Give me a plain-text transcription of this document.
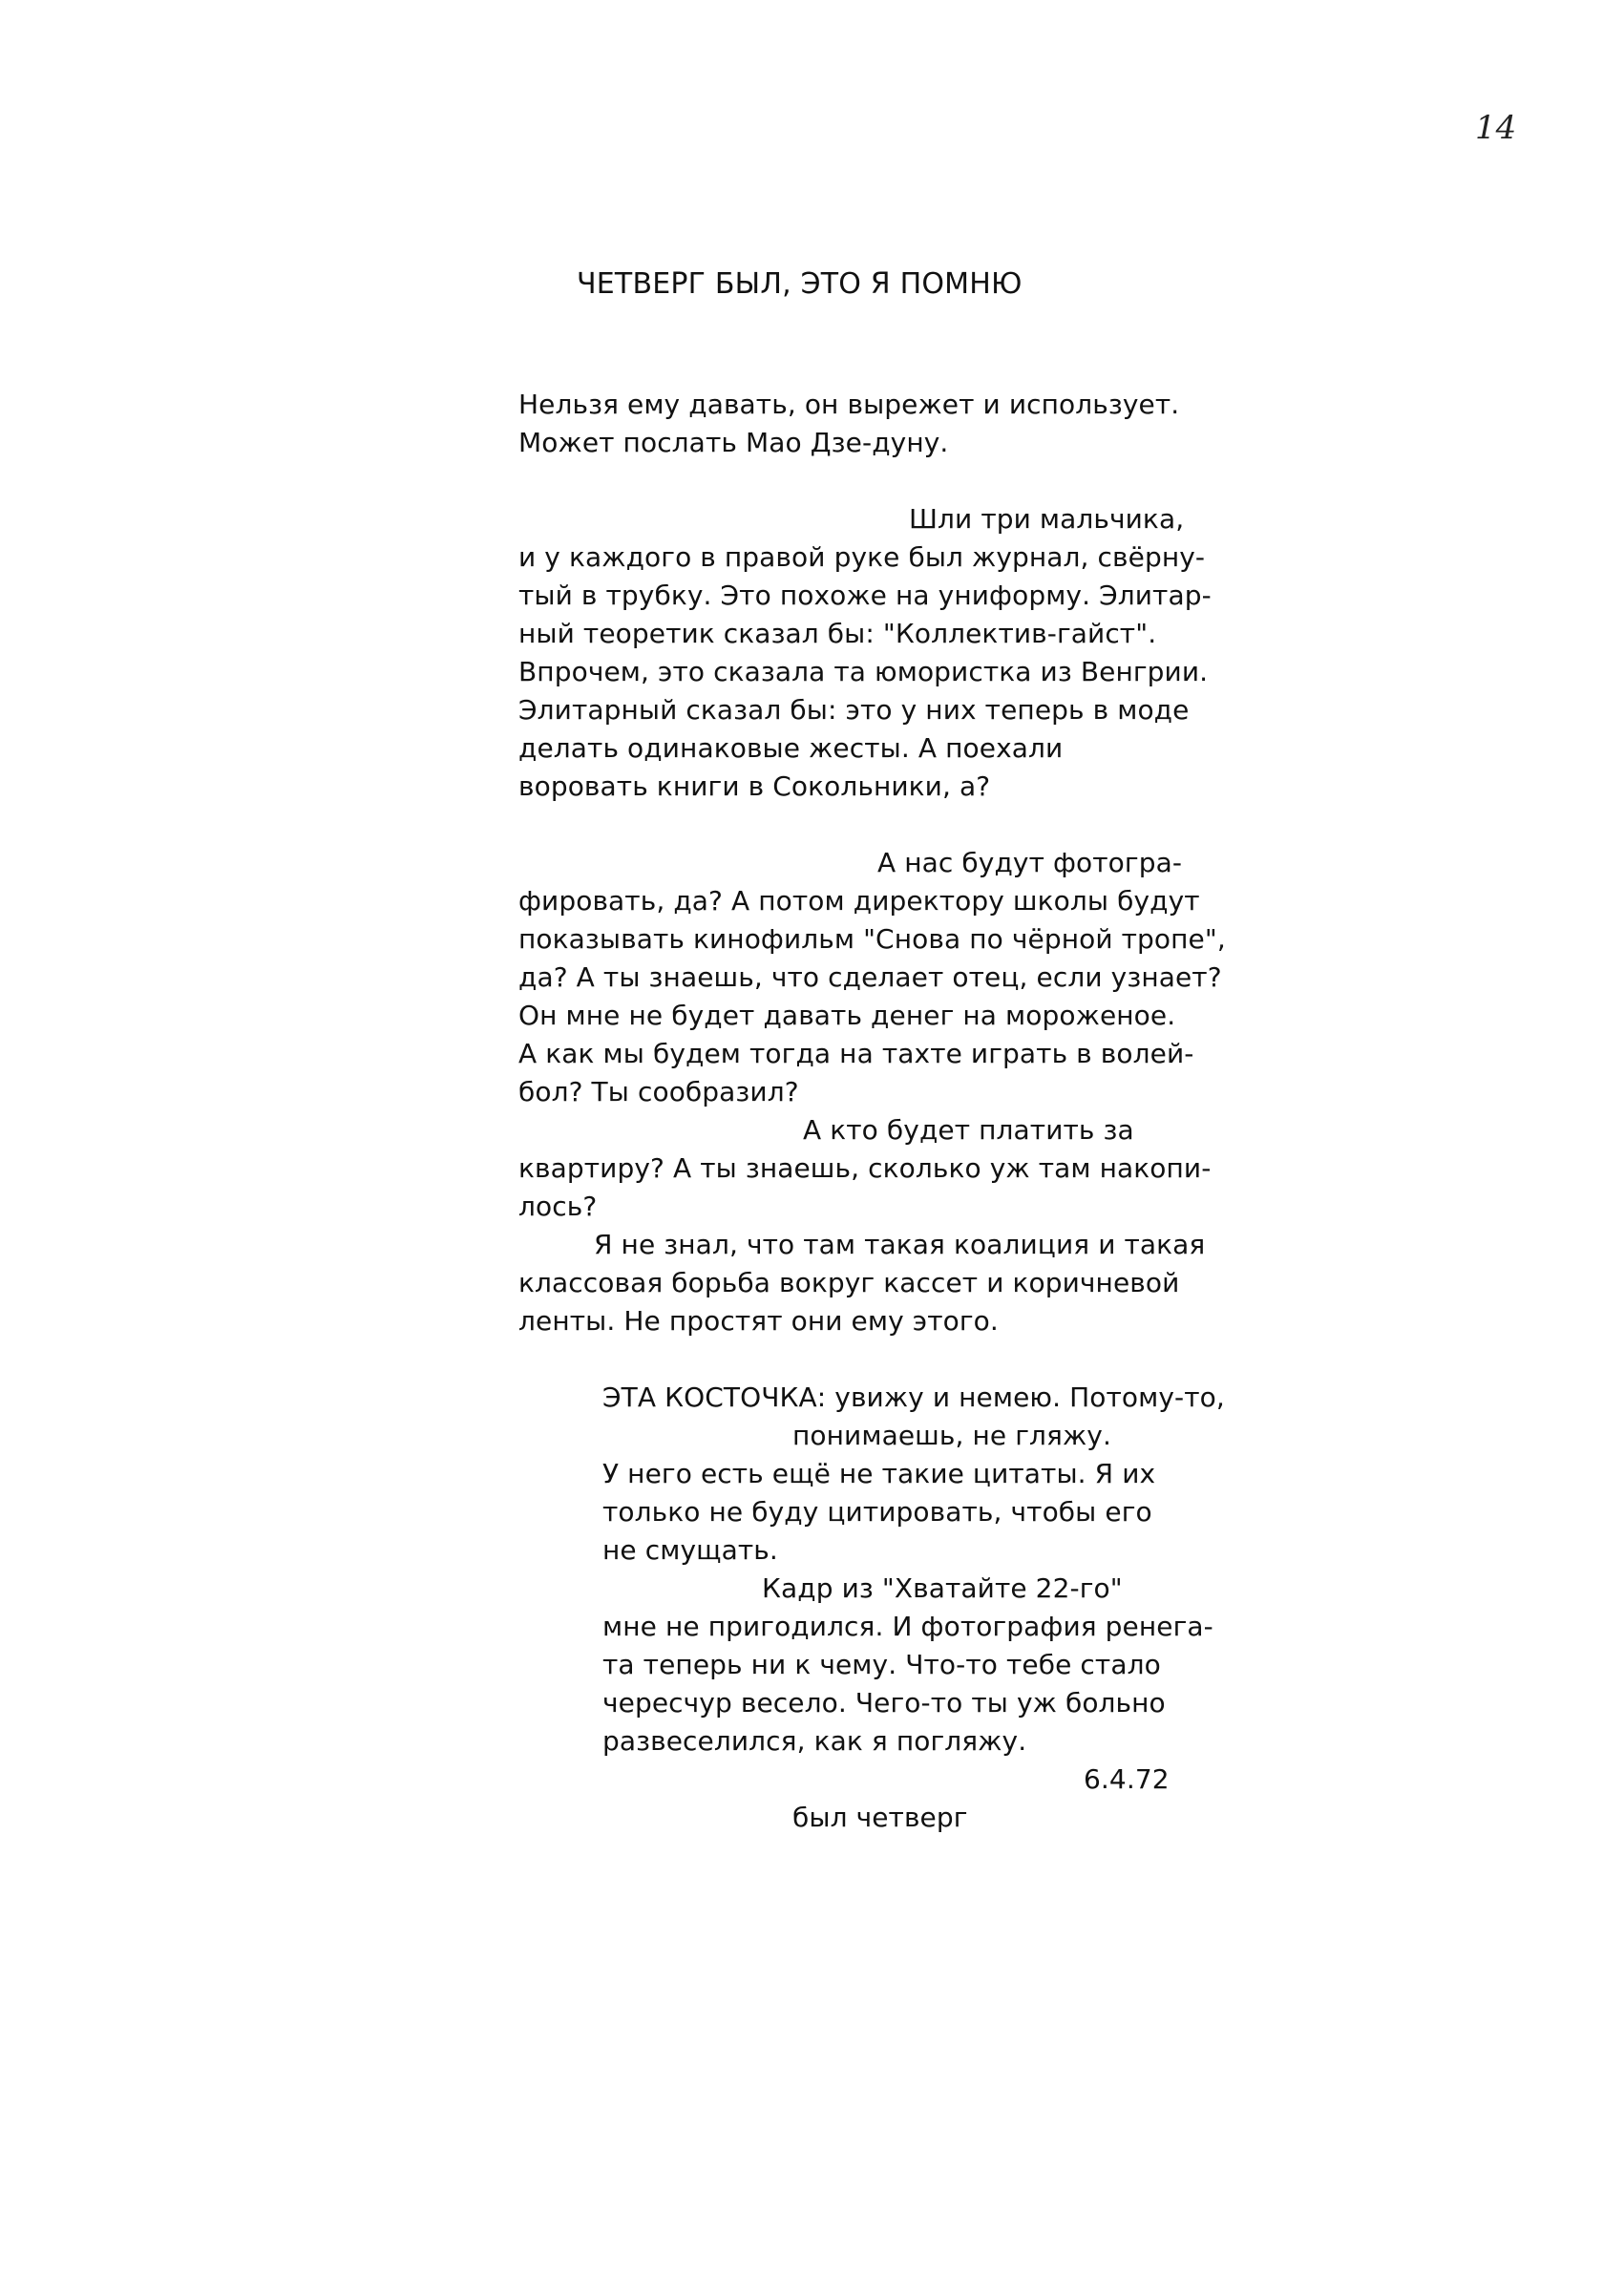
14
ЧЕТВЕРГ БЫЛ, ЭТО Я ПОМНЮ
Нельзя ему давать, он вырежет и использует.
Может послать Мао Дзе-дуну.
Шли три мальчика,
и у каждого в правой руке был журнал, свёрну-
тый в трубку. Это похоже на униформу. Элитар-
ный теоретик сказал бы: "Коллектив-гайст".
Впрочем, это сказала та юмористка из Венгрии.
Элитарный сказал бы: это у них теперь в моде
делать одинаковые жесты. А поехали
воровать книги в Сокольники, а?
А нас будут фотогра-
фировать, да? А потом директору школы будут
показывать кинофильм "Снова по чёрной тропе",
да? А ты знаешь, что сделает отец, если узнает?
Он мне не будет давать денег на мороженое.
А как мы будем тогда на тахте играть в волей-
бол? Ты сообразил?
А кто будет платить за
квартиру? А ты знаешь, сколько уж там накопи-
лось?
Я не знал, что там такая коалиция и такая
классовая борьба вокруг кассет и коричневой
ленты. Не простят они ему этого.
ЭТА КОСТОЧКА: увижу и немею. Потому-то,
понимаешь, не гляжу.
У него есть ещё не такие цитаты. Я их
только не буду цитировать, чтобы его
не смущать.
Кадр из "Хватайте 22-го"
мне не пригодился. И фотография ренега-
та теперь ни к чему. Что-то тебе стало
чересчур весело. Чего-то ты уж больно
развеселился, как я погляжу.
6.4.72
был четверг
